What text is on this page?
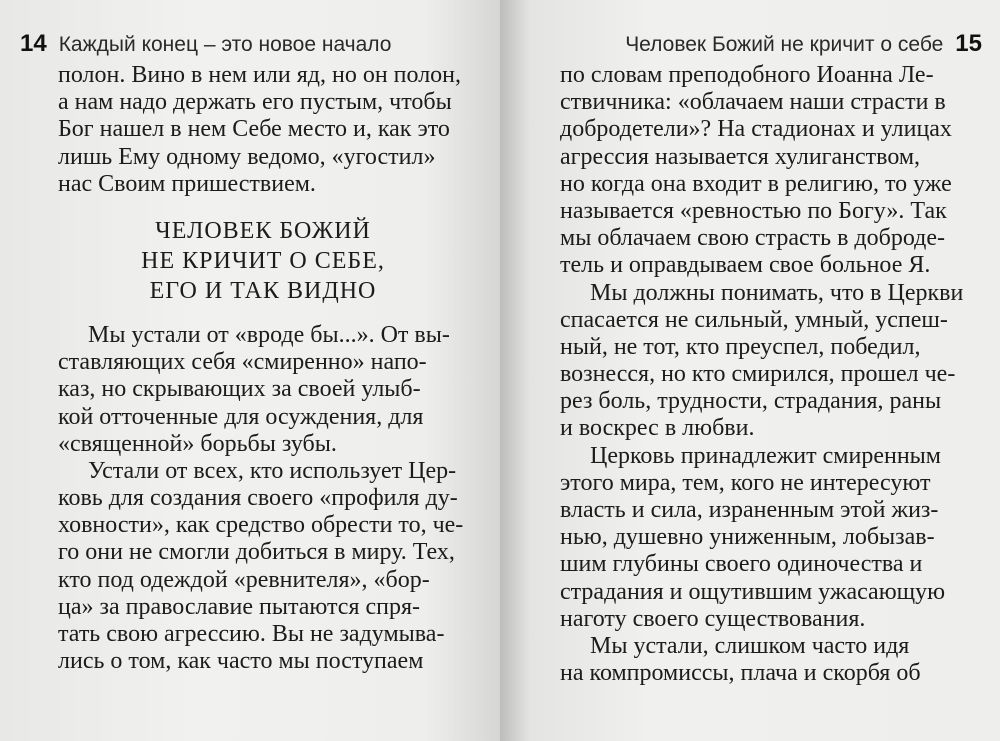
14 Каждый конец – это новое начало
полон. Вино в нем или яд, но он полон,
а нам надо держать его пустым, чтобы
Бог нашел в нем Себе место и, как это
лишь Ему одному ведомо, «угостил»
нас Своим пришествием.
ЧЕЛОВЕК БОЖИЙ
НЕ КРИЧИТ О СЕБЕ,
ЕГО И ТАК ВИДНО
Мы устали от «вроде бы...». От вы-
ставляющих себя «смиренно» напо-
каз, но скрывающих за своей улыб-
кой отточенные для осуждения, для
«священной» борьбы зубы.
Устали от всех, кто использует Цер-
ковь для создания своего «профиля ду-
ховности», как средство обрести то, че-
го они не смогли добиться в миру. Тех,
кто под одеждой «ревнителя», «бор-
ца» за православие пытаются спря-
тать свою агрессию. Вы не задумыва-
лись о том, как часто мы поступаем
Человек Божий не кричит о себе 15
по словам преподобного Иоанна Ле-
ствичника: «облачаем наши страсти в
добродетели»? На стадионах и улицах
агрессия называется хулиганством,
но когда она входит в религию, то уже
называется «ревностью по Богу». Так
мы облачаем свою страсть в доброде-
тель и оправдываем свое больное Я.
Мы должны понимать, что в Церкви
спасается не сильный, умный, успеш-
ный, не тот, кто преуспел, победил,
вознесся, но кто смирился, прошел че-
рез боль, трудности, страдания, раны
и воскрес в любви.
Церковь принадлежит смиренным
этого мира, тем, кого не интересуют
власть и сила, израненным этой жиз-
нью, душевно униженным, лобызав-
шим глубины своего одиночества и
страдания и ощутившим ужасающую
наготу своего существования.
Мы устали, слишком часто идя
на компромиссы, плача и скорбя об
